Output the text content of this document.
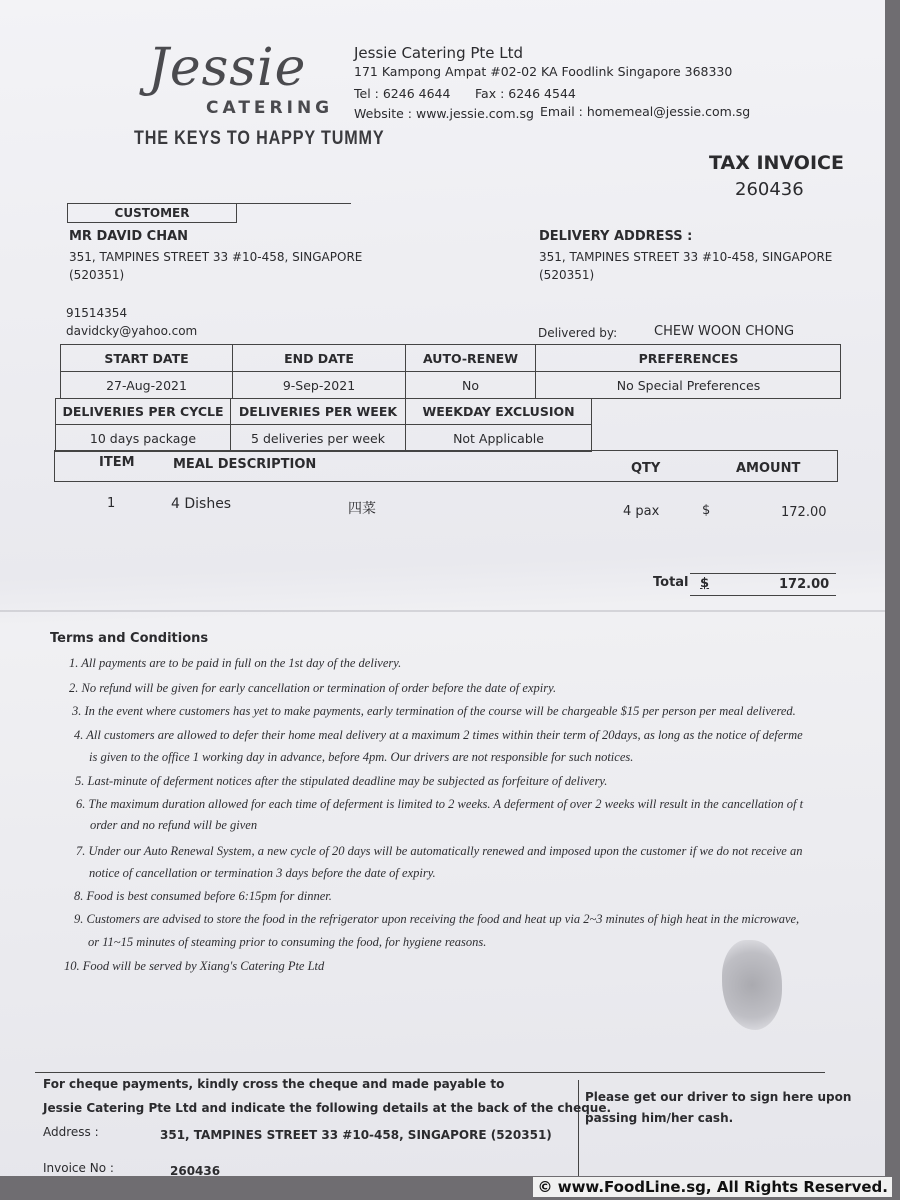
Jessie
CATERING
THE KEYS TO HAPPY TUMMY
Jessie Catering Pte Ltd
171 Kampong Ampat #02-02 KA Foodlink Singapore 368330
Tel : 6246 4644 Fax : 6246 4544
Website : www.jessie.com.sg Email : homemeal@jessie.com.sg
TAX INVOICE
260436
CUSTOMER
MR DAVID CHAN
351, TAMPINES STREET 33 #10-458, SINGAPORE
(520351)
91514354
davidcky@yahoo.com
DELIVERY ADDRESS :
351, TAMPINES STREET 33 #10-458, SINGAPORE
(520351)
Delivered by:	CHEW WOON CHONG
START DATE	END DATE	AUTO-RENEW	PREFERENCES
27-Aug-2021	9-Sep-2021	No	No Special Preferences
DELIVERIES PER CYCLE	DELIVERIES PER WEEK	WEEKDAY EXCLUSION
10 days package	5 deliveries per week	Not Applicable
ITEM	MEAL DESCRIPTION	QTY	AMOUNT
1	4 Dishes	四菜	4 pax	$	172.00
Total $	172.00
Terms and Conditions
1. All payments are to be paid in full on the 1st day of the delivery.
2. No refund will be given for early cancellation or termination of order before the date of expiry.
3. In the event where customers has yet to make payments, early termination of the course will be chargeable $15 per person per meal delivered.
4. All customers are allowed to defer their home meal delivery at a maximum 2 times within their term of 20days, as long as the notice of deferme
is given to the office 1 working day in advance, before 4pm. Our drivers are not responsible for such notices.
5. Last-minute of deferment notices after the stipulated deadline may be subjected as forfeiture of delivery.
6. The maximum duration allowed for each time of deferment is limited to 2 weeks. A deferment of over 2 weeks will result in the cancellation of t
order and no refund will be given
7. Under our Auto Renewal System, a new cycle of 20 days will be automatically renewed and imposed upon the customer if we do not receive an
notice of cancellation or termination 3 days before the date of expiry.
8. Food is best consumed before 6:15pm for dinner.
9. Customers are advised to store the food in the refrigerator upon receiving the food and heat up via 2~3 minutes of high heat in the microwave,
or 11~15 minutes of steaming prior to consuming the food, for hygiene reasons.
10. Food will be served by Xiang's Catering Pte Ltd
For cheque payments, kindly cross the cheque and made payable to
Jessie Catering Pte Ltd and indicate the following details at the back of the cheque.
Address :	351, TAMPINES STREET 33 #10-458, SINGAPORE (520351)
Invoice No :	260436
Please get our driver to sign here upon
passing him/her cash.
© www.FoodLine.sg, All Rights Reserved.
